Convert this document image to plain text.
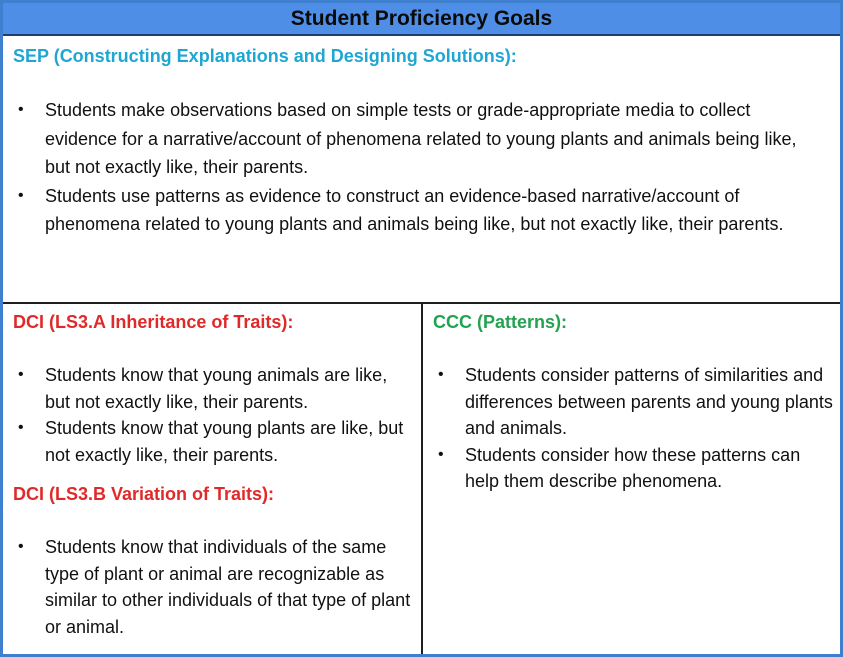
Student Proficiency Goals
SEP (Constructing Explanations and Designing Solutions):
• Students make observations based on simple tests or grade-appropriate media to collect evidence for a narrative/account of phenomena related to young plants and animals being like, but not exactly like, their parents.
• Students use patterns as evidence to construct an evidence-based narrative/account of phenomena related to young plants and animals being like, but not exactly like, their parents.
DCI (LS3.A Inheritance of Traits):
• Students know that young animals are like, but not exactly like, their parents.
• Students know that young plants are like, but not exactly like, their parents.
DCI (LS3.B Variation of Traits):
• Students know that individuals of the same type of plant or animal are recognizable as similar to other individuals of that type of plant or animal.
CCC (Patterns):
• Students consider patterns of similarities and differences between parents and young plants and animals.
• Students consider how these patterns can help them describe phenomena.
